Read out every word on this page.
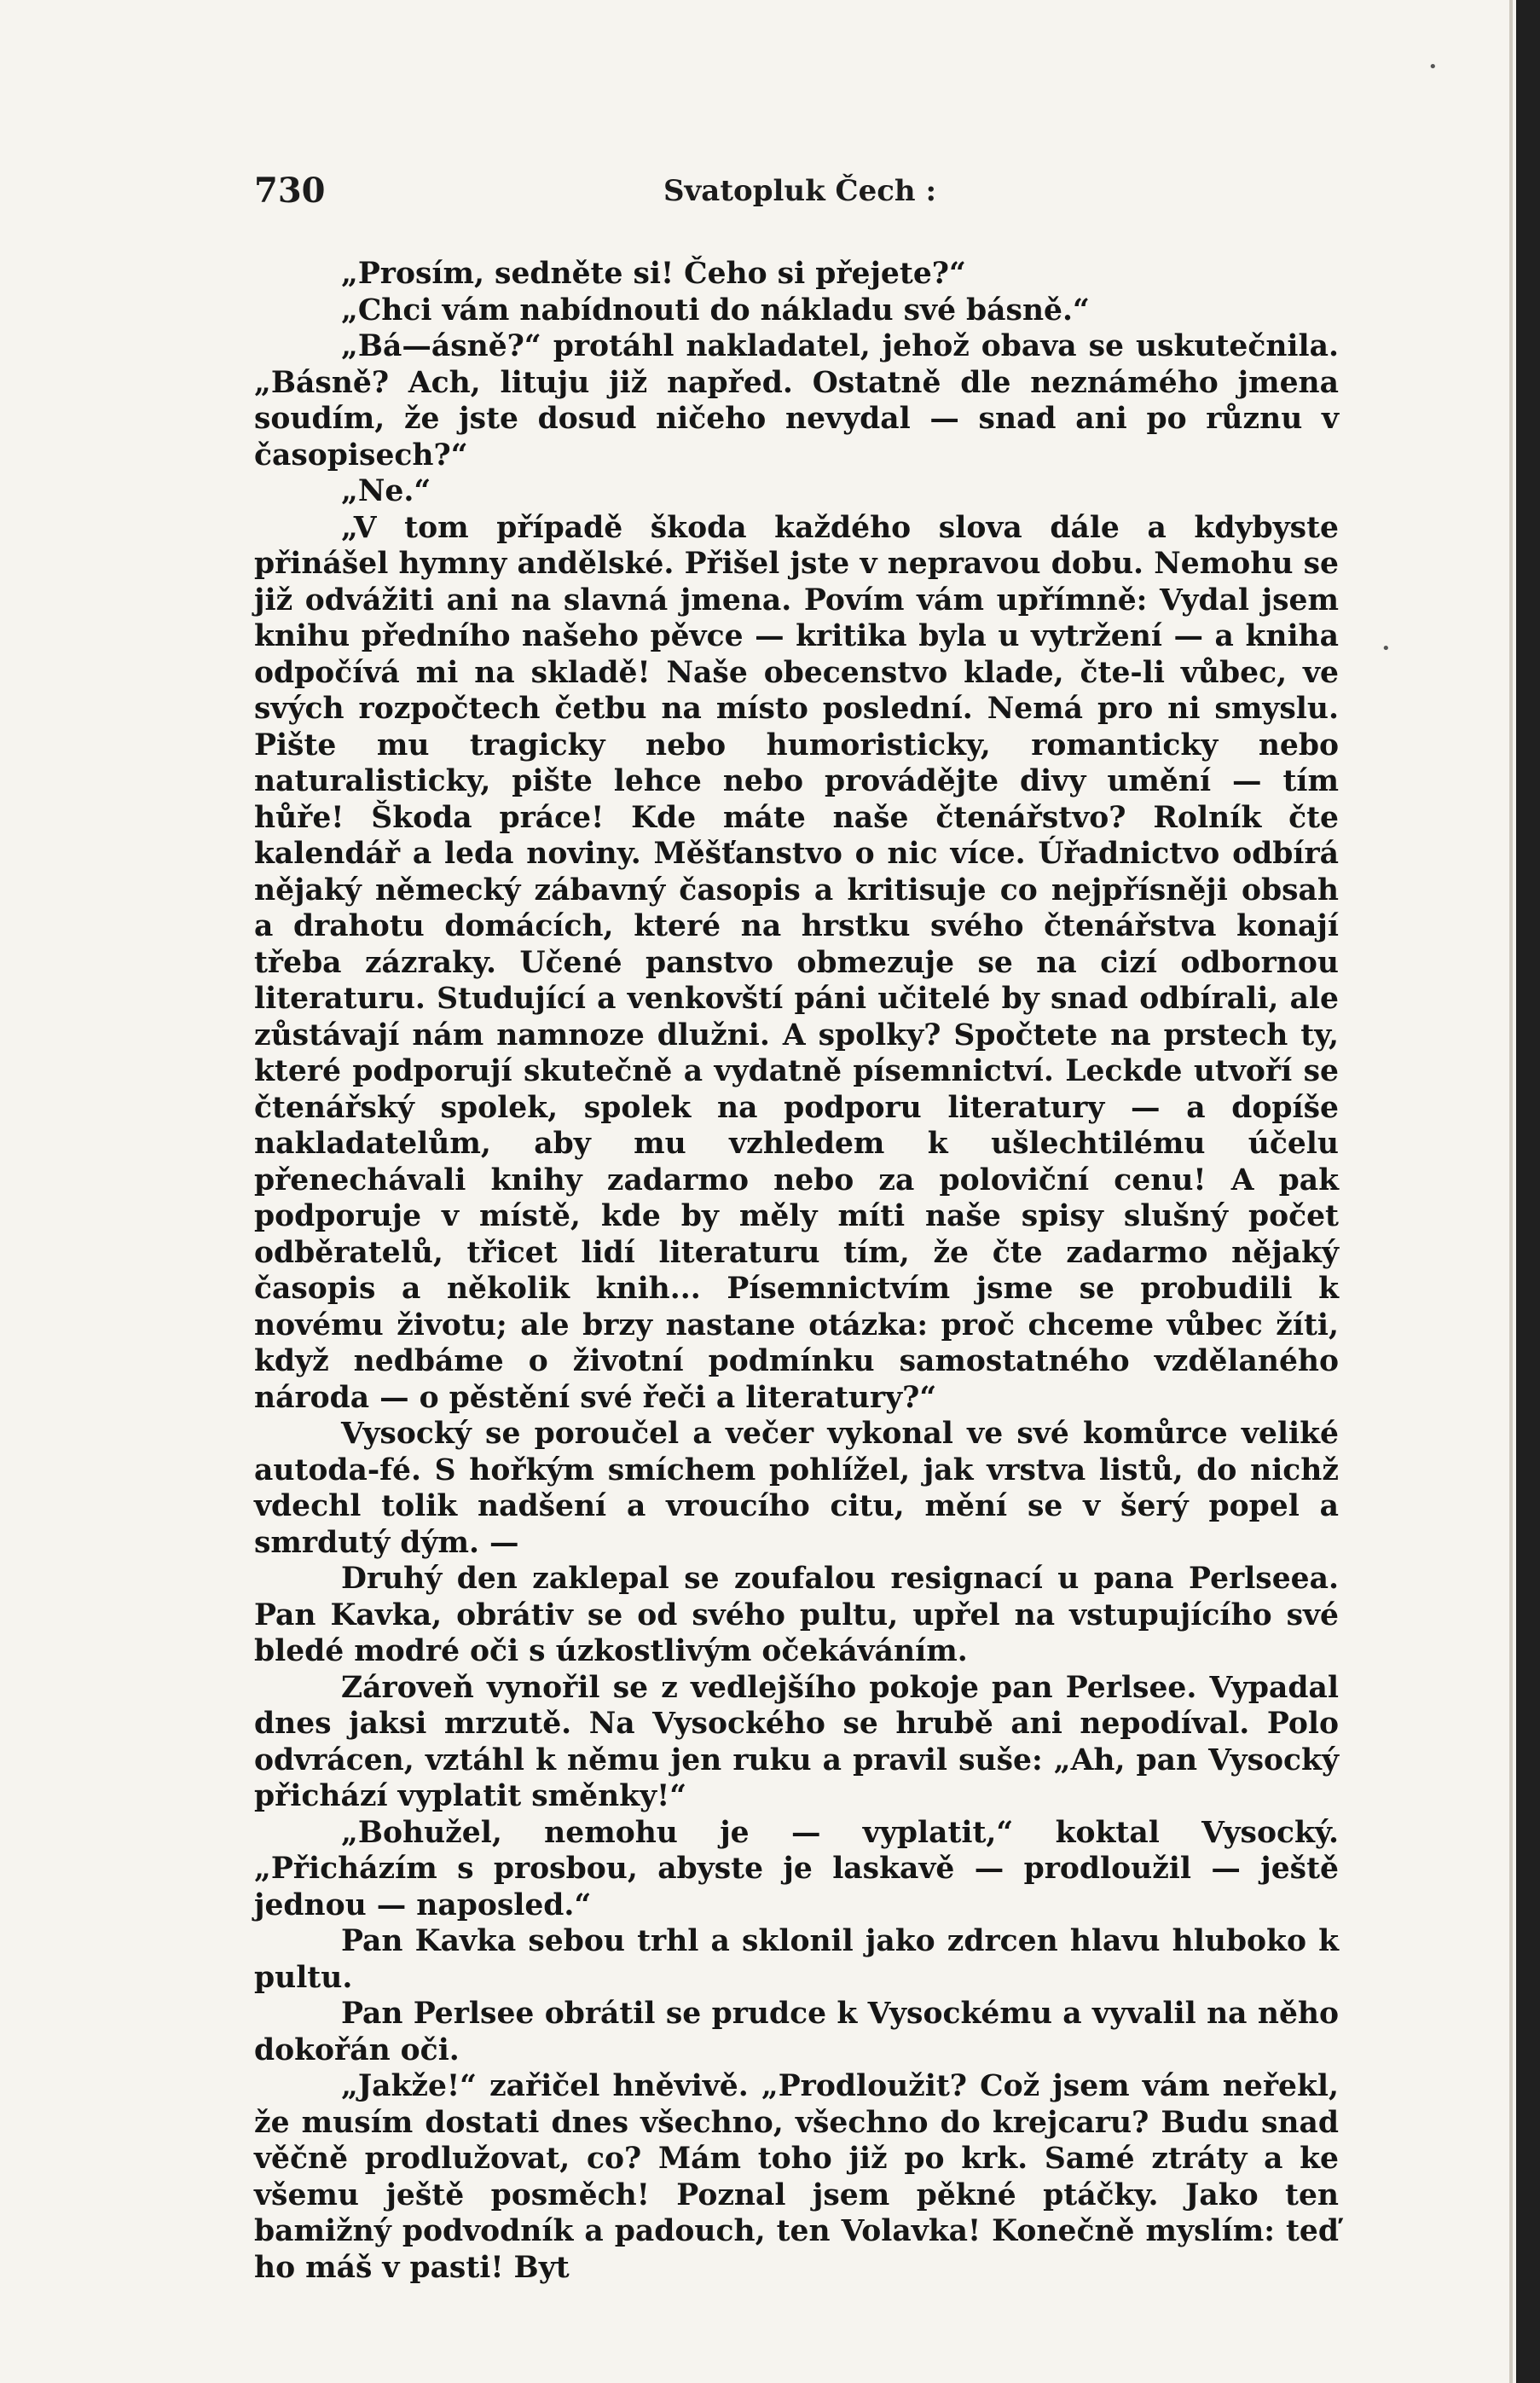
730	Svatopluk Čech :

„Prosím, sedněte si! Čeho si přejete?“

„Chci vám nabídnouti do nákladu své básně.“

„Bá—ásně?“ protáhl nakladatel, jehož obava se uskutečnila. „Básně? Ach, lituju již napřed. Ostatně dle neznámého jmena soudím, že jste dosud ničeho nevydal — snad ani po různu v časopisech?“

„Ne.“

„V tom případě škoda každého slova dále a kdybyste přinášel hymny andělské. Přišel jste v nepravou dobu. Nemohu se již odvážiti ani na slavná jmena. Povím vám upřímně: Vydal jsem knihu předního našeho pěvce — kritika byla u vytržení — a kniha odpočívá mi na skladě! Naše obecenstvo klade, čte-li vůbec, ve svých rozpočtech četbu na místo poslední. Nemá pro ni smyslu. Pište mu tragicky nebo humoristicky, romanticky nebo naturalisticky, pište lehce nebo provádějte divy umění — tím hůře! Škoda práce! Kde máte naše čtenářstvo? Rolník čte kalendář a leda noviny. Měšťanstvo o nic více. Úřadnictvo odbírá nějaký německý zábavný časopis a kritisuje co nejpřísněji obsah a drahotu domácích, které na hrstku svého čtenářstva konají třeba zázraky. Učené panstvo obmezuje se na cizí odbornou literaturu. Studující a venkovští páni učitelé by snad odbírali, ale zůstávají nám namnoze dlužni. A spolky? Spočtete na prstech ty, které podporují skutečně a vydatně písemnictví. Leckde utvoří se čtenářský spolek, spolek na podporu literatury — a dopíše nakladatelům, aby mu vzhledem k ušlechtilému účelu přenechávali knihy zadarmo nebo za poloviční cenu! A pak podporuje v místě, kde by měly míti naše spisy slušný počet odběratelů, třicet lidí literaturu tím, že čte zadarmo nějaký časopis a několik knih... Písemnictvím jsme se probudili k novému životu; ale brzy nastane otázka: proč chceme vůbec žíti, když nedbáme o životní podmínku samostatného vzdělaného národa — o pěstění své řeči a literatury?“

Vysocký se poroučel a večer vykonal ve své komůrce veliké autoda-fé. S hořkým smíchem pohlížel, jak vrstva listů, do nichž vdechl tolik nadšení a vroucího citu, mění se v šerý popel a smrdutý dým. —

Druhý den zaklepal se zoufalou resignací u pana Perlseea. Pan Kavka, obrátiv se od svého pultu, upřel na vstupujícího své bledé modré oči s úzkostlivým očekáváním.

Zároveň vynořil se z vedlejšího pokoje pan Perlsee. Vypadal dnes jaksi mrzutě. Na Vysockého se hrubě ani nepodíval. Polo odvrácen, vztáhl k němu jen ruku a pravil suše: „Ah, pan Vysocký přichází vyplatit směnky!“

„Bohužel, nemohu je — vyplatit,“ koktal Vysocký. „Přicházím s prosbou, abyste je laskavě — prodloužil — ještě jednou — naposled.“

Pan Kavka sebou trhl a sklonil jako zdrcen hlavu hluboko k pultu.

Pan Perlsee obrátil se prudce k Vysockému a vyvalil na něho dokořán oči.

„Jakže!“ zařičel hněvivě. „Prodloužit? Což jsem vám neřekl, že musím dostati dnes všechno, všechno do krejcaru? Budu snad věčně prodlužovat, co? Mám toho již po krk. Samé ztráty a ke všemu ještě posměch! Poznal jsem pěkné ptáčky. Jako ten bamižný podvodník a padouch, ten Volavka! Konečně myslím: teď ho máš v pasti! Byt

•
•
